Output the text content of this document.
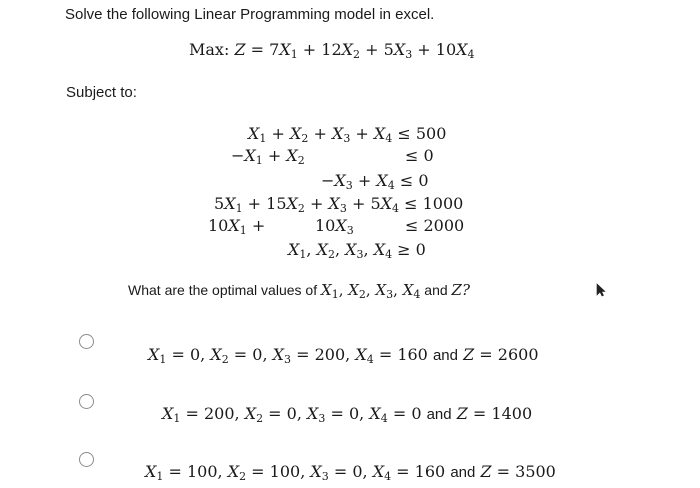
Solve the following Linear Programming model in excel.
Max: $Z = 7X_1 + 12X_2 + 5X_3 + 10X_4$
Subject to:
$X_1 + X_2 + X_3 + X_4 \le 500$
$-X_1 + X_2$	≤ 0
$-X_3 + X_4 \le 0$
$5X_1 + 15X_2 + X_3 + 5X_4 \le 1000$
$10X_1$ +	$10X_3$	≤ 2000
$X_1$, $X_2$, $X_3$, $X_4 \ge 0$
What are the optimal values of $X_1$, $X_2$, $X_3$, $X_4$ and Z?
$X_1 = 0$, $X_2 = 0$, $X_3 = 200$, $X_4 = 160$ and Z = 2600
$X_1 = 200$, $X_2 = 0$, $X_3 = 0$, $X_4 = 0$ and Z = 1400
$X_1 = 100$, $X_2 = 100$, $X_3 = 0$, $X_4 = 160$ and Z = 3500
